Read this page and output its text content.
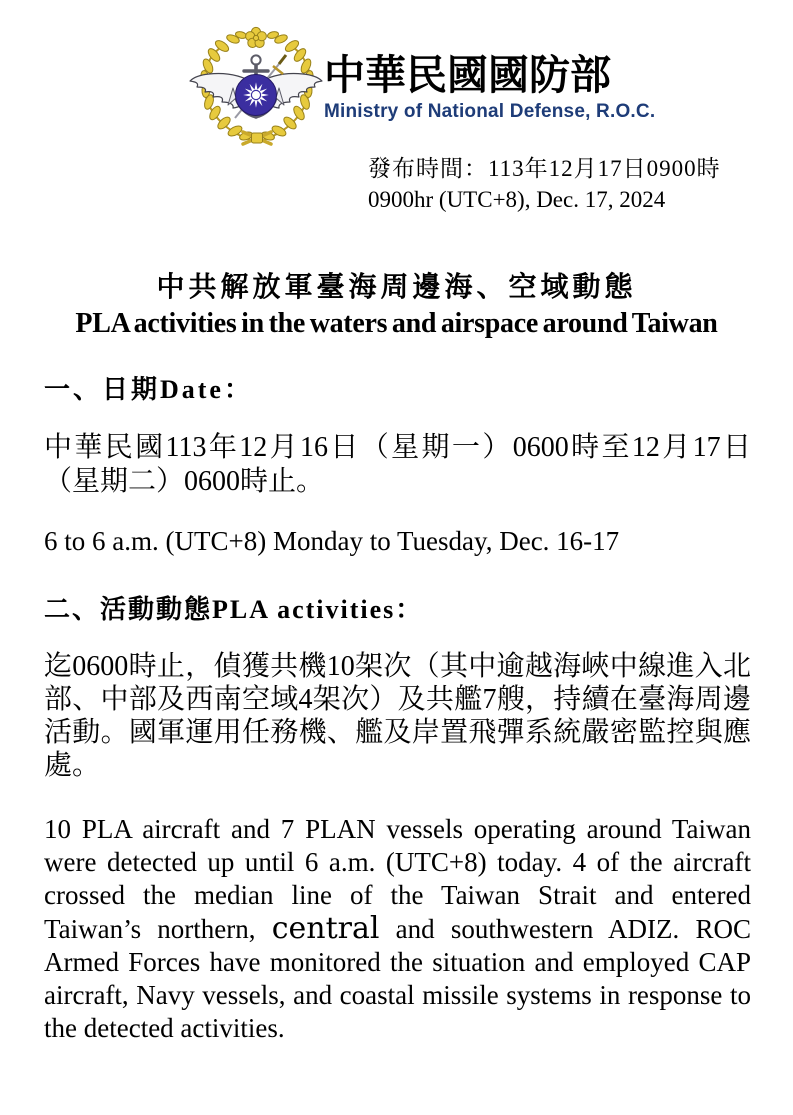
中華民國國防部
Ministry of National Defense, R.O.C.
發布時間：113年12月17日0900時
0900hr (UTC+8), Dec. 17, 2024
中共解放軍臺海周邊海、空域動態
PLA activities in the waters and airspace around Taiwan
一、日期Date：
中華民國113年12月16日（星期一）0600時至12月17日（星期二）0600時止。
6 to 6 a.m. (UTC+8) Monday to Tuesday, Dec. 16-17
二、活動動態PLA activities：
迄0600時止，偵獲共機10架次（其中逾越海峽中線進入北部、中部及西南空域4架次）及共艦7艘，持續在臺海周邊活動。國軍運用任務機、艦及岸置飛彈系統嚴密監控與應處。
10 PLA aircraft and 7 PLAN vessels operating around Taiwan were detected up until 6 a.m. (UTC+8) today. 4 of the aircraft crossed the median line of the Taiwan Strait and entered Taiwan’s northern, central and southwestern ADIZ. ROC Armed Forces have monitored the situation and employed CAP aircraft, Navy vessels, and coastal missile systems in response to the detected activities.
